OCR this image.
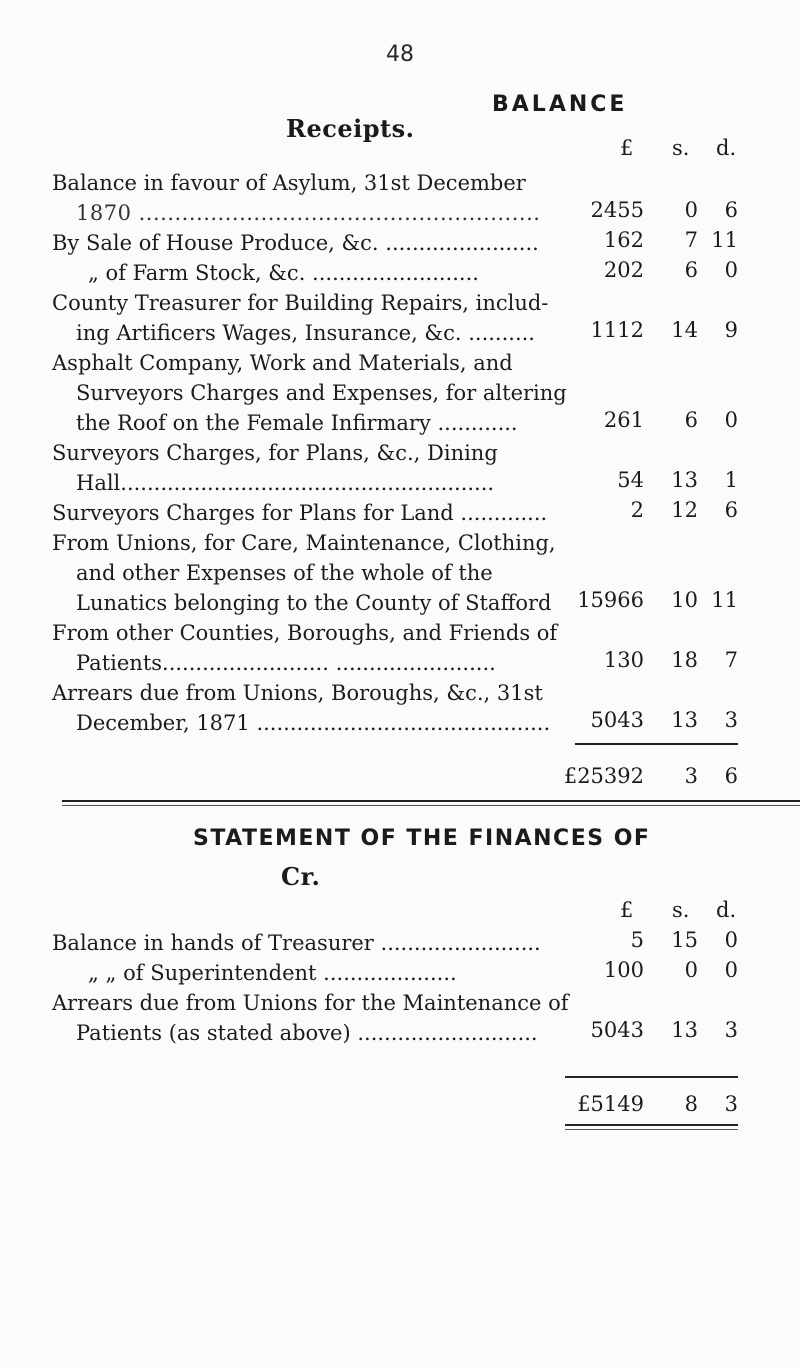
48
BALANCE
Receipts.
£ s. d.
Balance in favour of Asylum, 31st December
1870 ........................................................	2455	0	6
By Sale of House Produce, &c. .......................	162	7 11
„ of Farm Stock, &c. .........................	202	6	0
County Treasurer for Building Repairs, includ-
ing Artificers Wages, Insurance, &c. ..........	1112	14	9
Asphalt Company, Work and Materials, and
Surveyors Charges and Expenses, for altering
the Roof on the Female Infirmary ............	261	6	0
Surveyors Charges, for Plans, &c., Dining
Hall........................................................	54	13	1
Surveyors Charges for Plans for Land .............	2	12	6
From Unions, for Care, Maintenance, Clothing,
and other Expenses of the whole of the
Lunatics belonging to the County of Stafford	15966	10 11
From other Counties, Boroughs, and Friends of
Patients......................... ........................	130	18	7
Arrears due from Unions, Boroughs, &c., 31st
December, 1871 ............................................	5043	13	3
£25392	3	6
STATEMENT OF THE FINANCES OF
Cr.
£ s. d.
Balance in hands of Treasurer ........................	5	15	0
„ „ of Superintendent ....................	100	0	0
Arrears due from Unions for the Maintenance of
Patients (as stated above) ...........................	5043	13	3
£5149	8	3
